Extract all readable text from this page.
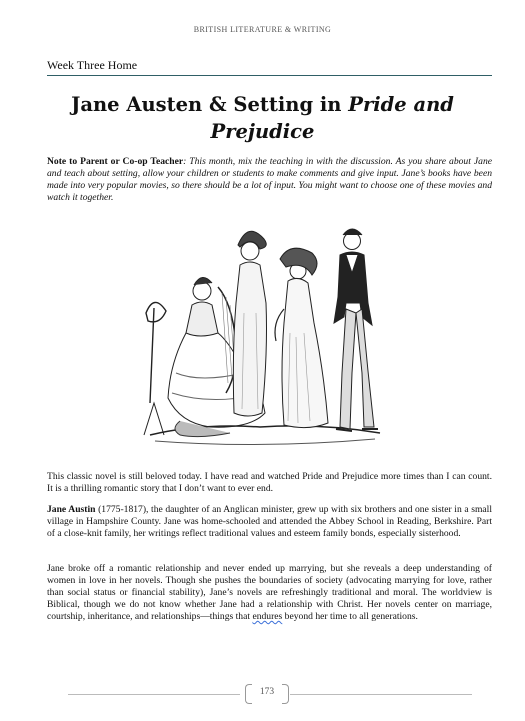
BRITISH LITERATURE & WRITING
Week Three Home
Jane Austen & Setting in Pride and
Prejudice

Note to Parent or Co-op Teacher: This month, mix the teaching in with the discussion. As you share about Jane and teach about setting, allow your children or students to make comments and give input. Jane’s books have been made into very popular movies, so there should be a lot of input. You might want to choose one of these movies and watch it together.

This classic novel is still beloved today. I have read and watched Pride and Prejudice more times than I can count. It is a thrilling romantic story that I don’t want to ever end.

Jane Austin (1775-1817), the daughter of an Anglican minister, grew up with six brothers and one sister in a small village in Hampshire County. Jane was home-schooled and attended the Abbey School in Reading, Berkshire. Part of a close-knit family, her writings reflect traditional values and esteem family bonds, especially sisterhood.

Jane broke off a romantic relationship and never ended up marrying, but she reveals a deep understanding of women in love in her novels. Though she pushes the boundaries of society (advocating marrying for love, rather than social status or financial stability), Jane’s novels are refreshingly traditional and moral. The worldview is Biblical, though we do not know whether Jane had a relationship with Christ. Her novels center on marriage, courtship, inheritance, and relationships—things that endures beyond her time to all generations.

173
